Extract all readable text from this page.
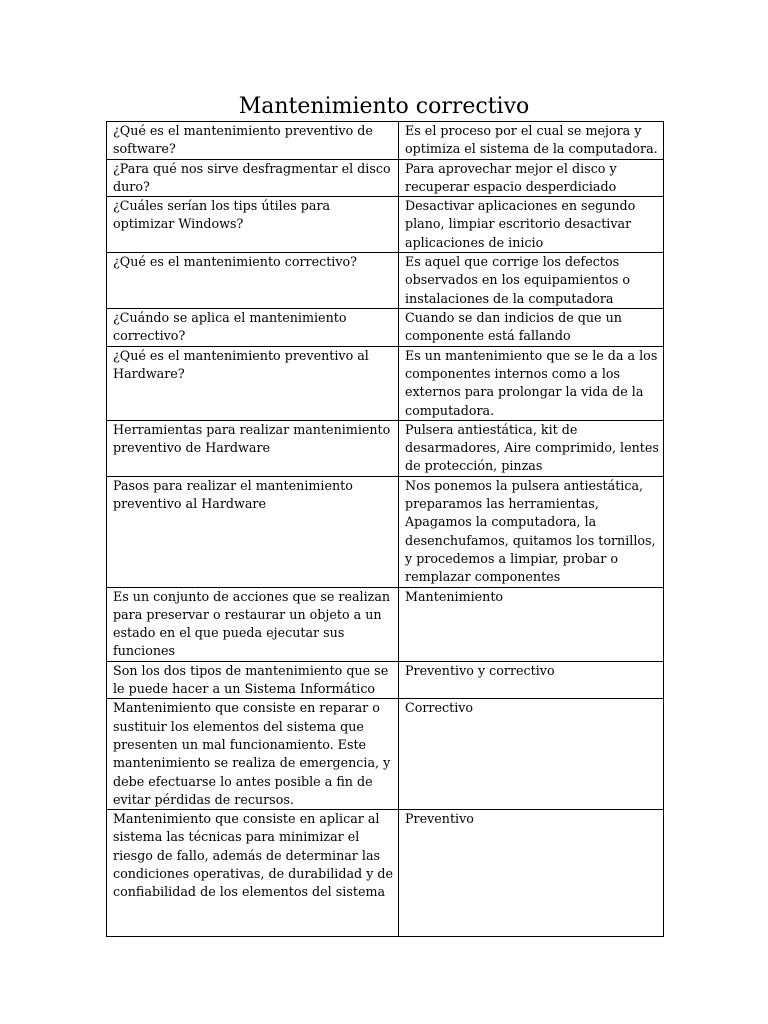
Mantenimiento correctivo
¿Qué es el mantenimiento preventivo de software?	Es el proceso por el cual se mejora y optimiza el sistema de la computadora.
¿Para qué nos sirve desfragmentar el disco duro?	Para aprovechar mejor el disco y recuperar espacio desperdiciado
¿Cuáles serían los tips útiles para optimizar Windows?	Desactivar aplicaciones en segundo plano, limpiar escritorio desactivar aplicaciones de inicio
¿Qué es el mantenimiento correctivo?	Es aquel que corrige los defectos observados en los equipamientos o instalaciones de la computadora
¿Cuándo se aplica el mantenimiento correctivo?	Cuando se dan indicios de que un componente está fallando
¿Qué es el mantenimiento preventivo al Hardware?	Es un mantenimiento que se le da a los componentes internos como a los externos para prolongar la vida de la computadora.
Herramientas para realizar mantenimiento preventivo de Hardware	Pulsera antiestática, kit de desarmadores, Aire comprimido, lentes de protección, pinzas
Pasos para realizar el mantenimiento preventivo al Hardware	Nos ponemos la pulsera antiestática, preparamos las herramientas, Apagamos la computadora, la desenchufamos, quitamos los tornillos, y procedemos a limpiar, probar o remplazar componentes
Es un conjunto de acciones que se realizan para preservar o restaurar un objeto a un estado en el que pueda ejecutar sus funciones	Mantenimiento
Son los dos tipos de mantenimiento que se le puede hacer a un Sistema Informático	Preventivo y correctivo
Mantenimiento que consiste en reparar o sustituir los elementos del sistema que presenten un mal funcionamiento. Este mantenimiento se realiza de emergencia, y debe efectuarse lo antes posible a fin de evitar pérdidas de recursos.	Correctivo
Mantenimiento que consiste en aplicar al sistema las técnicas para minimizar el riesgo de fallo, además de determinar las condiciones operativas, de durabilidad y de confiabilidad de los elementos del sistema	Preventivo
